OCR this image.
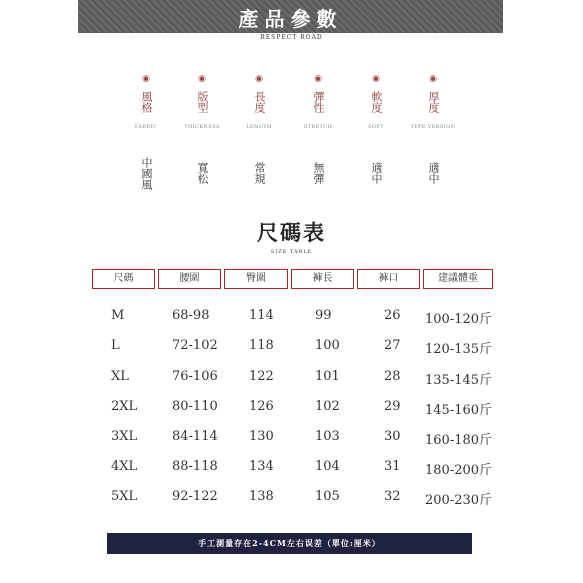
產品參數
RESPECT ROAD
◉
風格
FABRIC
中國風
◉
版型
THICKNESS
寬松
◉
長度
LENGTH
常規
◉
彈性
STRETCH
無彈
◉
軟度
SOFT
適中
◉
厚度
TYPE VERSION
適中
尺碼表
SIZE TABLE
尺碼	腰圍	臀圍	褲長	褲口	建議體重
M	68-98	114	99	26 100-120斤
L	72-102 118	100	27 120-135斤
XL	76-106 122	101	28 135-145斤
2XL	80-110 126	102	29 145-160斤
3XL	84-114 130	103	30 160-180斤
4XL	88-118 134	104	31 180-200斤
5XL	92-122 138	105	32 200-230斤
手工測量存在2-4CM左右误差（單位:厘米）
